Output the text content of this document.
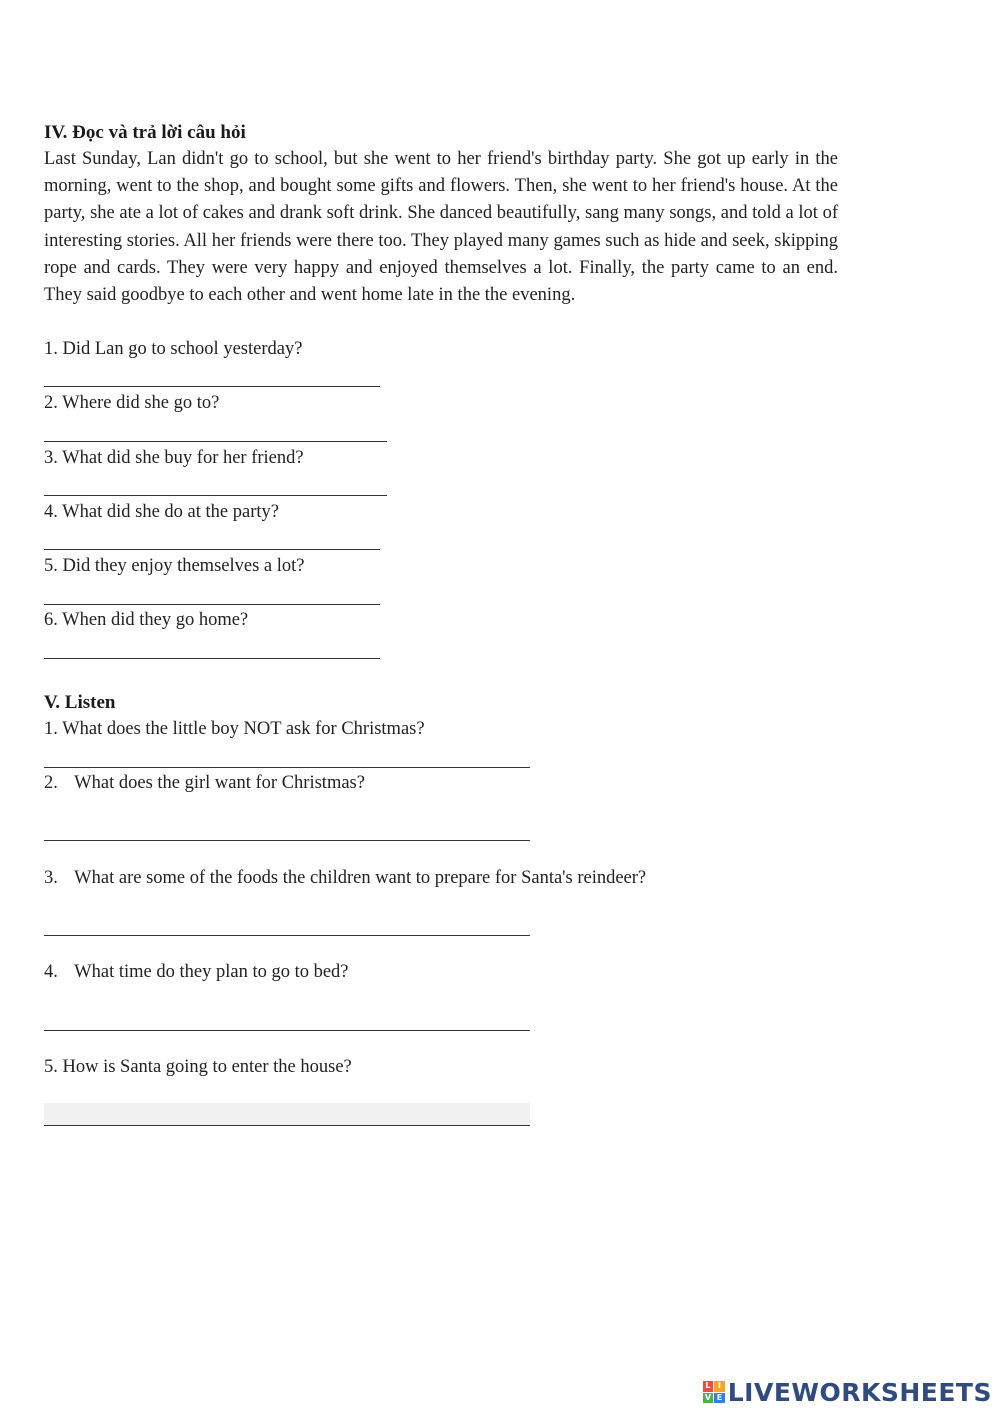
IV. Đọc và trả lời câu hỏi
Last Sunday, Lan didn't go to school, but she went to her friend's birthday party. She got up early in the morning, went to the shop, and bought some gifts and flowers. Then, she went to her friend's house. At the party, she ate a lot of cakes and drank soft drink. She danced beautifully, sang many songs, and told a lot of interesting stories. All her friends were there too. They played many games such as hide and seek, skipping rope and cards. They were very happy and enjoyed themselves a lot. Finally, the party came to an end. They said goodbye to each other and went home late in the the evening.
1. Did Lan go to school yesterday?
2. Where did she go to?
3. What did she buy for her friend?
4. What did she do at the party?
5. Did they enjoy themselves a lot?
6. When did they go home?
V. Listen
1. What does the little boy NOT ask for Christmas?
2. What does the girl want for Christmas?
3. What are some of the foods the children want to prepare for Santa's reindeer?
4. What time do they plan to go to bed?
5. How is Santa going to enter the house?
L I
V E LIVEWORKSHEETS
